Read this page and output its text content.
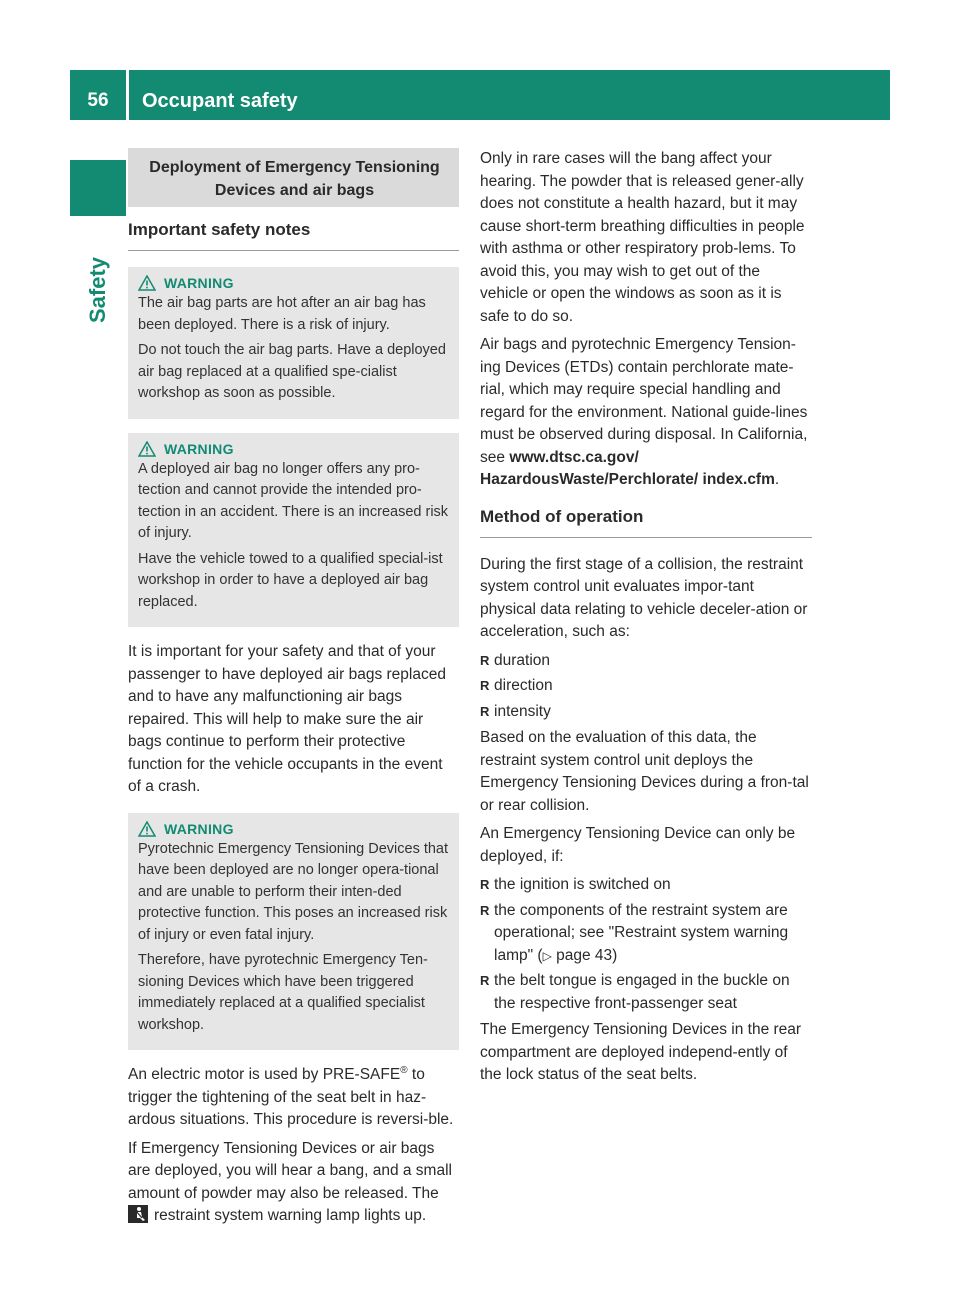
56	Occupant safety
Safety
Deployment of Emergency Tensioning Devices and air bags
Important safety notes
WARNING

The air bag parts are hot after an air bag has been deployed. There is a risk of injury.

Do not touch the air bag parts. Have a deployed air bag replaced at a qualified spe-cialist workshop as soon as possible.

WARNING

A deployed air bag no longer offers any pro-tection and cannot provide the intended pro-tection in an accident. There is an increased risk of injury.

Have the vehicle towed to a qualified special-ist workshop in order to have a deployed air bag replaced.

It is important for your safety and that of your passenger to have deployed air bags replaced and to have any malfunctioning air bags repaired. This will help to make sure the air bags continue to perform their protective function for the vehicle occupants in the event of a crash.

WARNING

Pyrotechnic Emergency Tensioning Devices that have been deployed are no longer opera-tional and are unable to perform their inten-ded protective function. This poses an increased risk of injury or even fatal injury.

Therefore, have pyrotechnic Emergency Ten-sioning Devices which have been triggered immediately replaced at a qualified specialist workshop.

An electric motor is used by PRE-SAFE® to trigger the tightening of the seat belt in haz-ardous situations. This procedure is reversi-ble.

If Emergency Tensioning Devices or air bags are deployed, you will hear a bang, and a small amount of powder may also be released. The
restraint system warning lamp lights up.

Only in rare cases will the bang affect your hearing. The powder that is released gener-ally does not constitute a health hazard, but it may cause short-term breathing difficulties in people with asthma or other respiratory prob-lems. To avoid this, you may wish to get out of the vehicle or open the windows as soon as it is safe to do so.

Air bags and pyrotechnic Emergency Tension-ing Devices (ETDs) contain perchlorate mate-rial, which may require special handling and regard for the environment. National guide-lines must be observed during disposal. In California, see www.dtsc.ca.gov/ HazardousWaste/Perchlorate/ index.cfm.

Method of operation

During the first stage of a collision, the restraint system control unit evaluates impor-tant physical data relating to vehicle deceler-ation or acceleration, such as:

R duration
R direction
R intensity

Based on the evaluation of this data, the restraint system control unit deploys the Emergency Tensioning Devices during a fron-tal or rear collision.

An Emergency Tensioning Device can only be deployed, if:

R the ignition is switched on
R the components of the restraint system are operational; see "Restraint system warning lamp" (▷ page 43)
R the belt tongue is engaged in the buckle on the respective front-passenger seat

The Emergency Tensioning Devices in the rear compartment are deployed independ-ently of the lock status of the seat belts.
